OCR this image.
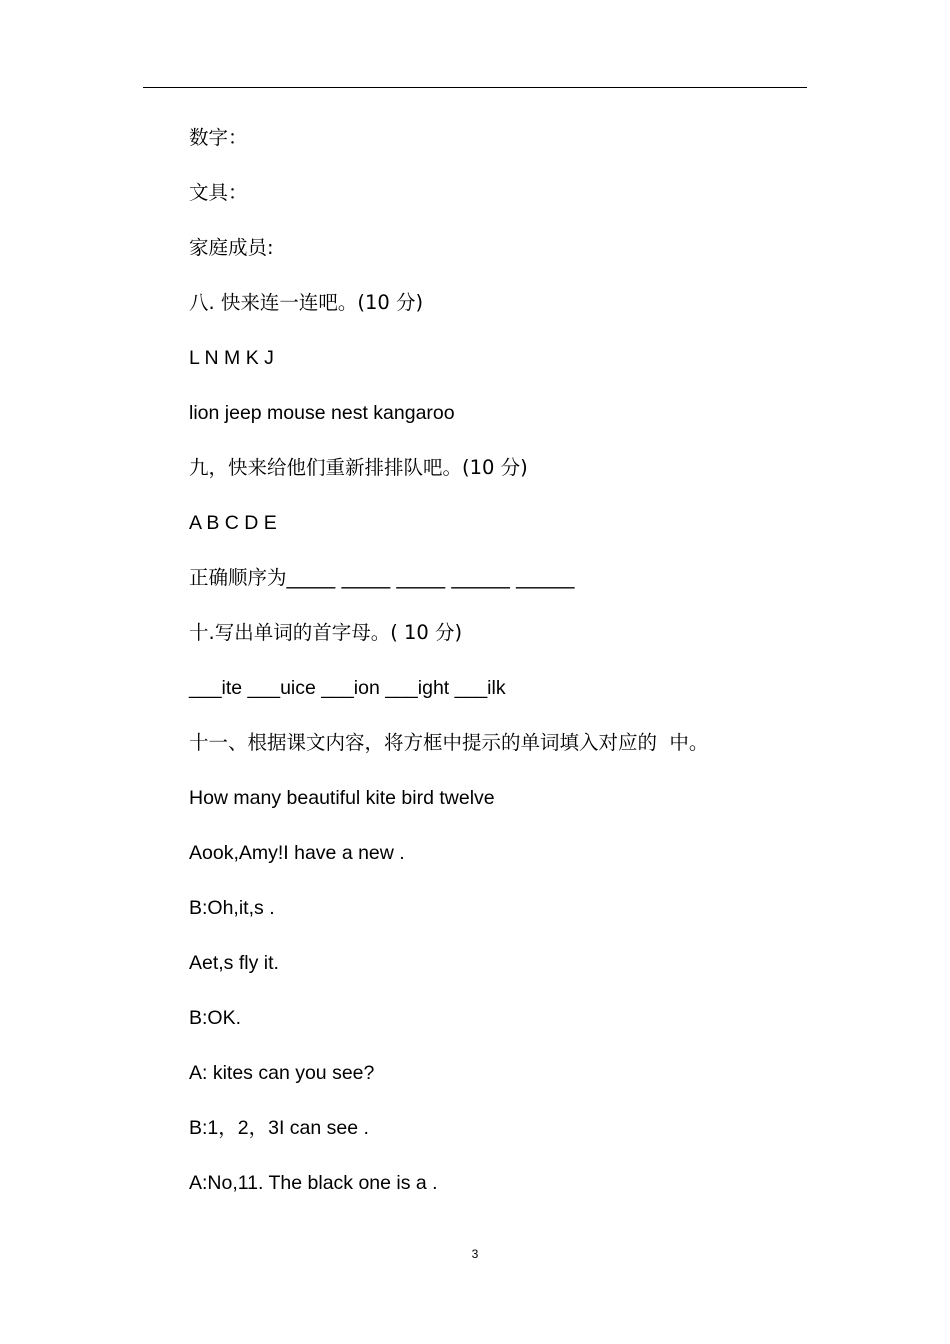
数字：
文具：
家庭成员:
八. 快来连一连吧。(10 分)
L N M K J
lion jeep mouse nest kangaroo
九，快来给他们重新排排队吧。(10 分)
A B C D E
正确顺序为_____ _____ _____ ______ ______
十.写出单词的首字母。( 10 分)
___ite ___uice ___ion ___ight ___ilk
十一、根据课文内容，将方框中提示的单词填入对应的  中。
How many beautiful kite bird twelve
Aook,Amy!I have a new .
B:Oh,it,s .
Aet,s fly it.
B:OK.
A: kites can you see?
B:1，2，3I can see .
A:No,11. The black one is a .
3
